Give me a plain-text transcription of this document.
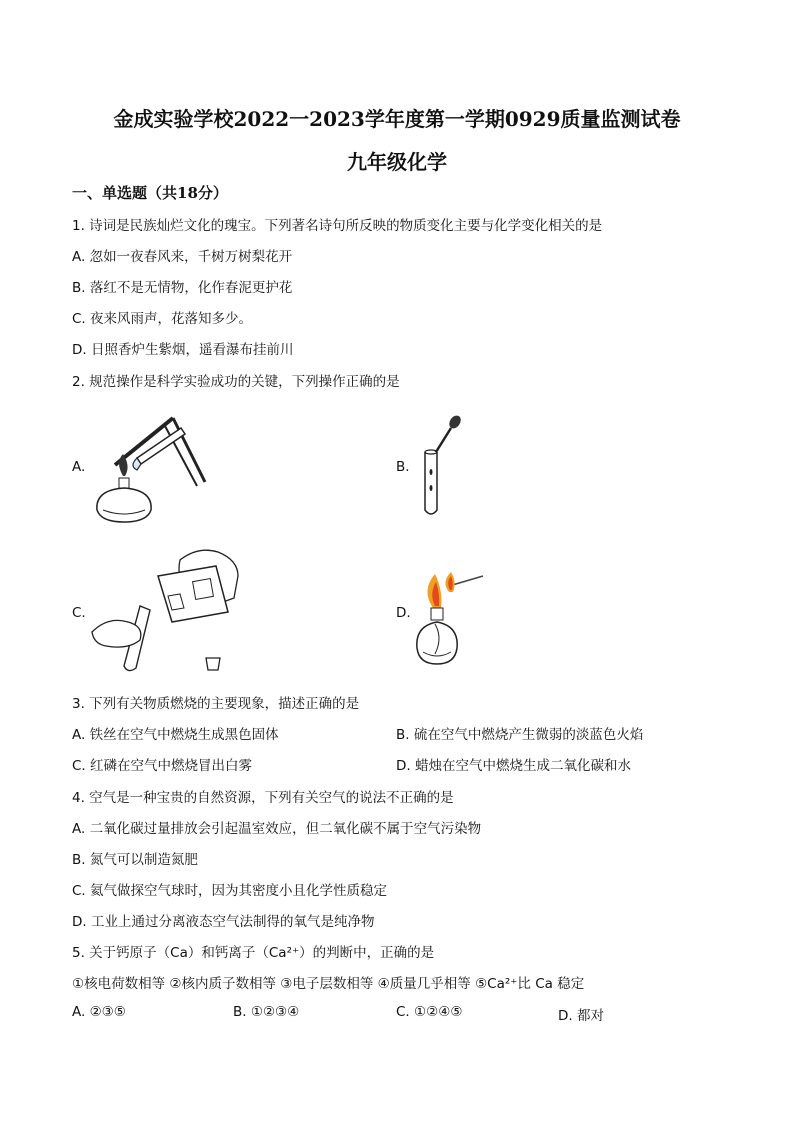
金成实验学校2022一2023学年度第一学期0929质量监测试卷
九年级化学
一、单选题（共18分）
1. 诗词是民族灿烂文化的瑰宝。下列著名诗句所反映的物质变化主要与化学变化相关的是
A. 忽如一夜春风来，千树万树梨花开
B. 落红不是无情物，化作春泥更护花
C. 夜来风雨声，花落知多少。
D. 日照香炉生紫烟，遥看瀑布挂前川
2. 规范操作是科学实验成功的关键，下列操作正确的是
A.	B.
C.	D.
3. 下列有关物质燃烧的主要现象，描述正确的是
A. 铁丝在空气中燃烧生成黑色固体	B. 硫在空气中燃烧产生微弱的淡蓝色火焰
C. 红磷在空气中燃烧冒出白雾	D. 蜡烛在空气中燃烧生成二氧化碳和水
4. 空气是一种宝贵的自然资源，下列有关空气的说法不正确的是
A. 二氧化碳过量排放会引起温室效应，但二氧化碳不属于空气污染物
B. 氮气可以制造氮肥
C. 氦气做探空气球时，因为其密度小且化学性质稳定
D. 工业上通过分离液态空气法制得的氧气是纯净物
5. 关于钙原子（Ca）和钙离子（Ca²⁺）的判断中，正确的是
①核电荷数相等 ②核内质子数相等 ③电子层数相等 ④质量几乎相等 ⑤Ca²⁺比 Ca 稳定
A. ②③⑤	B. ①②③④	C. ①②④⑤	D. 都对
